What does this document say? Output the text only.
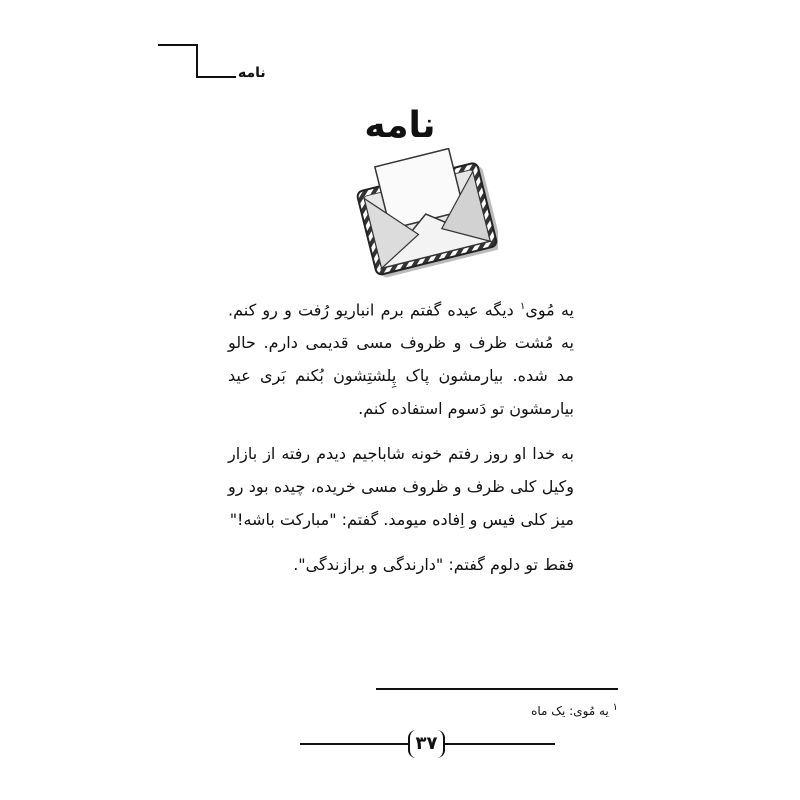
نامه
نامه

یه مُوی$^۱$ دیگه عیده گفتم برم انباریو رُفت و رو کنم. یه مُشت ظرف و ظروف مسی قدیمی دارم. حالو مد شده. بیارمشون پاک پِلشتِشون بُکنم بَری عید بیارمشون تو دَسوم استفاده کنم.

به خدا او روز رفتم خونه شاباجیم دیدم رفته از بازار وکیل کلی ظرف و ظروف مسی خریده، چیده بود رو میز کلی فیس و اِفاده میومد. گفتم: "مبارکت باشه!"

فقط تو دلوم گفتم: "دارندگی و برازندگی".

$^۱$ یه مُوی: یک ماه
۳۷
